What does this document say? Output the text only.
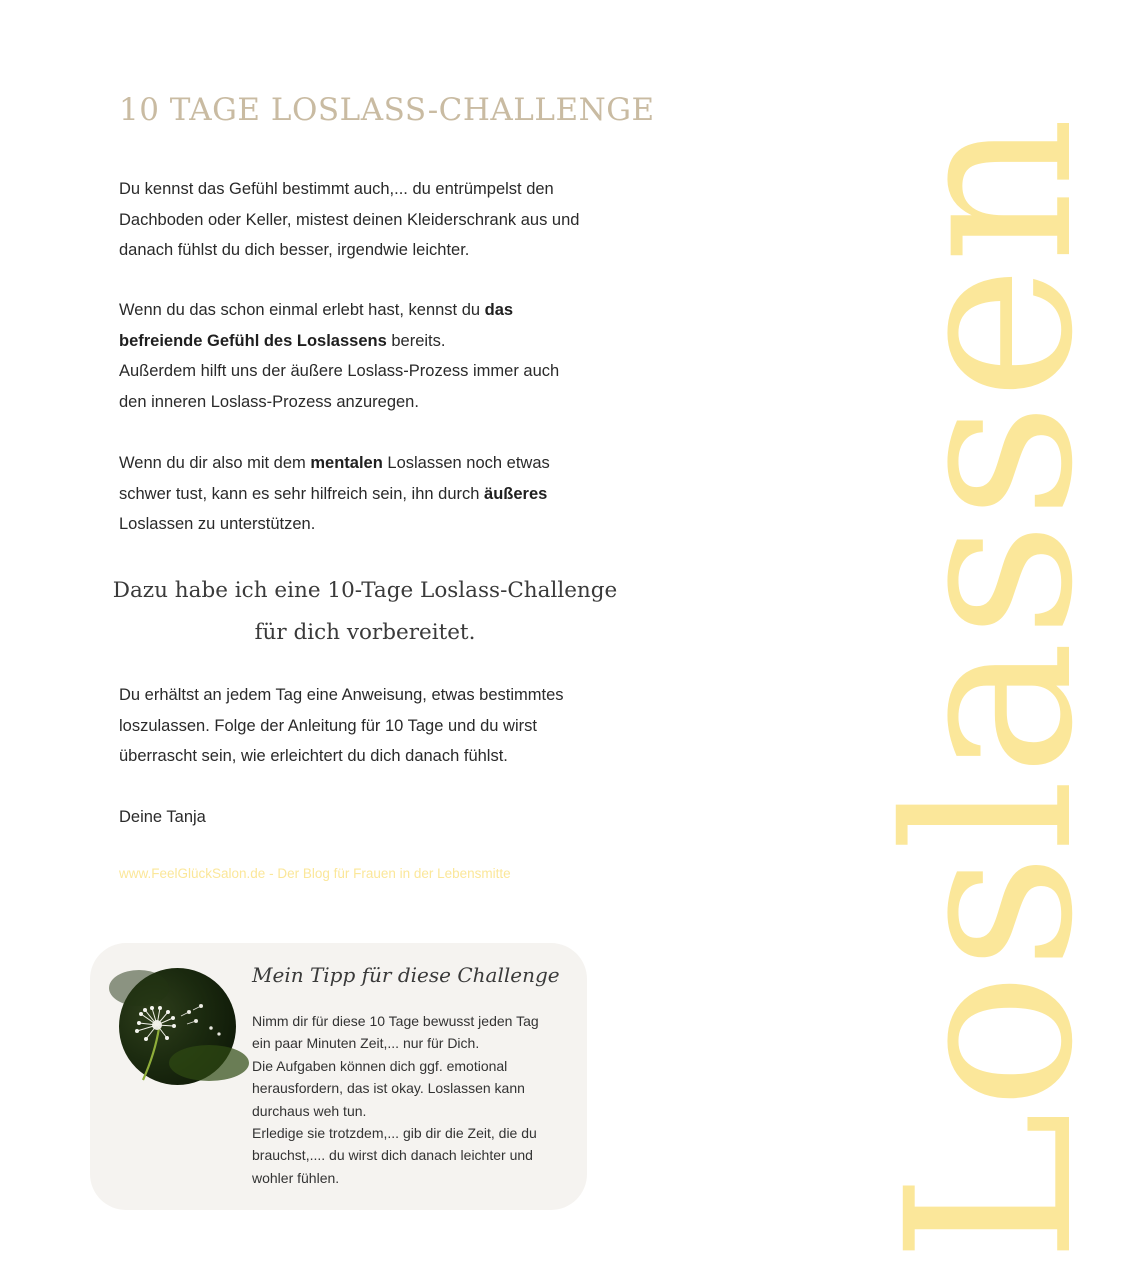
Loslassen
10 TAGE LOSLASS-CHALLENGE

Du kennst das Gefühl bestimmt auch,... du entrümpelst den
Dachboden oder Keller, mistest deinen Kleiderschrank aus und
danach fühlst du dich besser, irgendwie leichter.

Wenn du das schon einmal erlebt hast, kennst du das
befreiende Gefühl des Loslassens bereits.
Außerdem hilft uns der äußere Loslass-Prozess immer auch
den inneren Loslass-Prozess anzuregen.

Wenn du dir also mit dem mentalen Loslassen noch etwas
schwer tust, kann es sehr hilfreich sein, ihn durch äußeres
Loslassen zu unterstützen.

Dazu habe ich eine 10-Tage Loslass-Challenge
für dich vorbereitet.

Du erhältst an jedem Tag eine Anweisung, etwas bestimmtes
loszulassen. Folge der Anleitung für 10 Tage und du wirst
überrascht sein, wie erleichtert du dich danach fühlst.

Deine Tanja

www.FeelGlückSalon.de - Der Blog für Frauen in der Lebensmitte
Mein Tipp für diese Challenge

Nimm dir für diese 10 Tage bewusst jeden Tag
ein paar Minuten Zeit,... nur für Dich.
Die Aufgaben können dich ggf. emotional
herausfordern, das ist okay. Loslassen kann
durchaus weh tun.
Erledige sie trotzdem,... gib dir die Zeit, die du
brauchst,.... du wirst dich danach leichter und
wohler fühlen.
